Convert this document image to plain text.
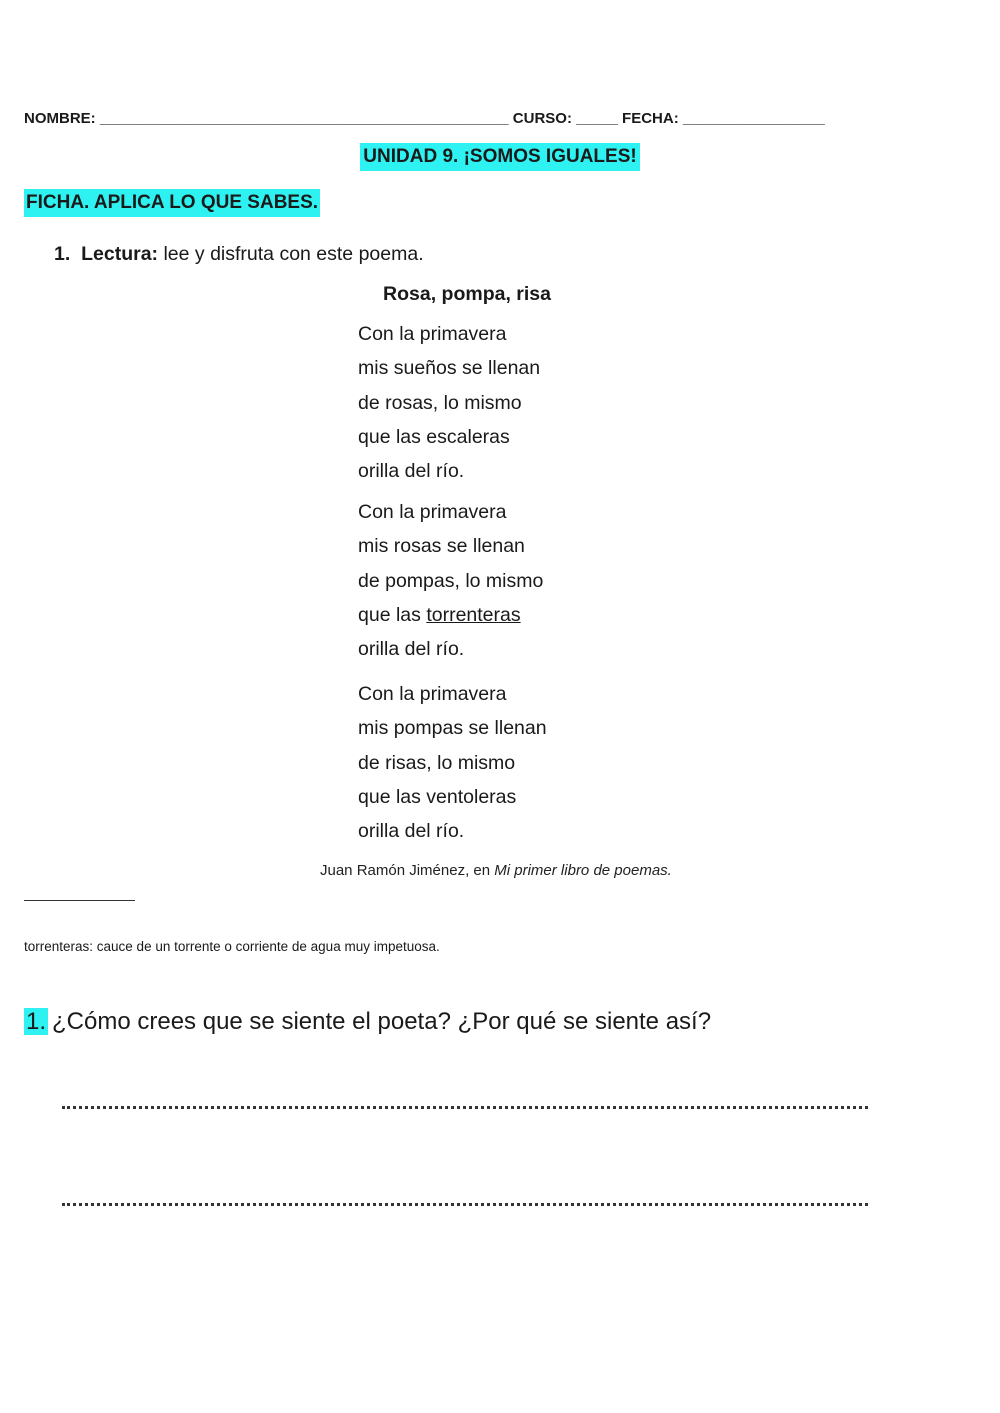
NOMBRE: _________________________________________________ CURSO: _____ FECHA: _________________
UNIDAD 9. ¡SOMOS IGUALES!
FICHA. APLICA LO QUE SABES.
1. Lectura: lee y disfruta con este poema.
Rosa, pompa, risa
Con la primavera
mis sueños se llenan
de rosas, lo mismo
que las escaleras
orilla del río.
Con la primavera
mis rosas se llenan
de pompas, lo mismo
que las torrenteras
orilla del río.
Con la primavera
mis pompas se llenan
de risas, lo mismo
que las ventoleras
orilla del río.
Juan Ramón Jiménez, en Mi primer libro de poemas.
torrenteras: cauce de un torrente o corriente de agua muy impetuosa.
1. ¿Cómo crees que se siente el poeta? ¿Por qué se siente así?
